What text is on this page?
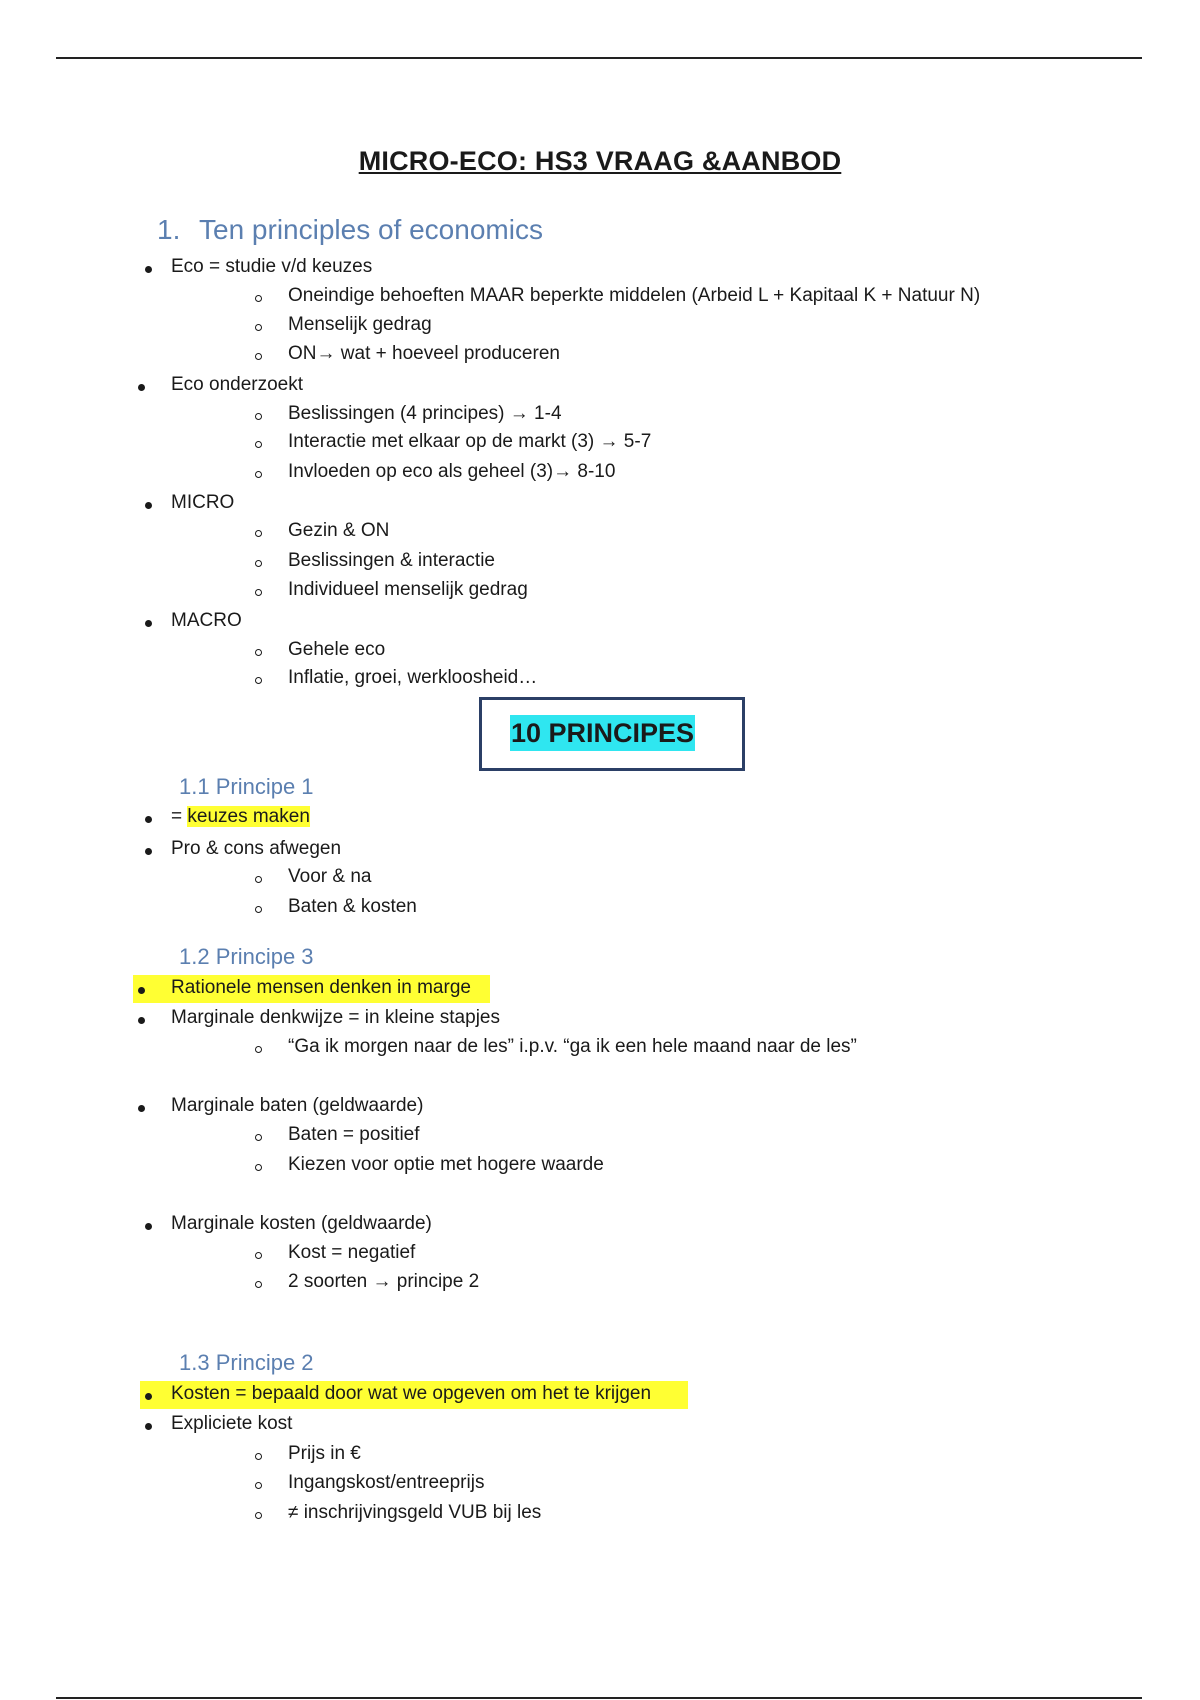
MICRO-ECO: HS3 VRAAG &AANBOD
1. Ten principles of economics
Eco = studie v/d keuzes
Oneindige behoeften MAAR beperkte middelen (Arbeid L + Kapitaal K + Natuur N)
Menselijk gedrag
ON→ wat + hoeveel produceren
Eco onderzoekt
Beslissingen (4 principes) → 1-4
Interactie met elkaar op de markt (3) → 5-7
Invloeden op eco als geheel (3)→ 8-10
MICRO
Gezin & ON
Beslissingen & interactie
Individueel menselijk gedrag
MACRO
Gehele eco
Inflatie, groei, werkloosheid…
10 PRINCIPES
1.1 Principe 1
= keuzes maken
Pro & cons afwegen
Voor & na
Baten & kosten
1.2 Principe 3
Rationele mensen denken in marge
Marginale denkwijze = in kleine stapjes
“Ga ik morgen naar de les” i.p.v. “ga ik een hele maand naar de les”
Marginale baten (geldwaarde)
Baten = positief
Kiezen voor optie met hogere waarde
Marginale kosten (geldwaarde)
Kost = negatief
2 soorten → principe 2
1.3 Principe 2
Kosten = bepaald door wat we opgeven om het te krijgen
Expliciete kost
Prijs in €
Ingangskost/entreeprijs
≠ inschrijvingsgeld VUB bij les
